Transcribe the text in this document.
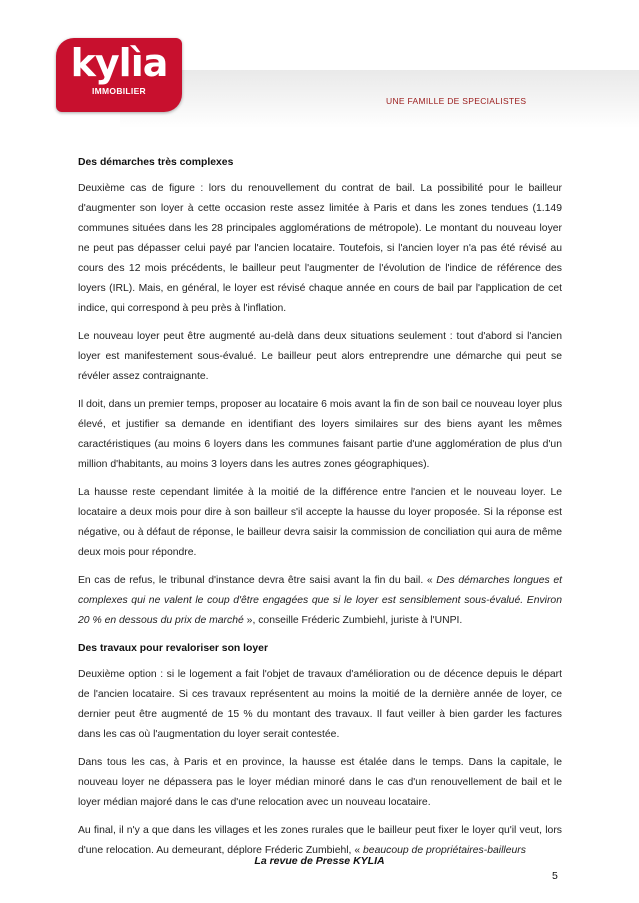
kylìa
IMMOBILIER
UNE FAMILLE DE SPECIALISTES
Des démarches très complexes

Deuxième cas de figure : lors du renouvellement du contrat de bail. La possibilité pour le bailleur d'augmenter son loyer à cette occasion reste assez limitée à Paris et dans les zones tendues (1.149 communes situées dans les 28 principales agglomérations de métropole). Le montant du nouveau loyer ne peut pas dépasser celui payé par l'ancien locataire. Toutefois, si l'ancien loyer n'a pas été révisé au cours des 12 mois précédents, le bailleur peut l'augmenter de l'évolution de l'indice de référence des loyers (IRL). Mais, en général, le loyer est révisé chaque année en cours de bail par l'application de cet indice, qui correspond à peu près à l'inflation.

Le nouveau loyer peut être augmenté au-delà dans deux situations seulement : tout d'abord si l'ancien loyer est manifestement sous-évalué. Le bailleur peut alors entreprendre une démarche qui peut se révéler assez contraignante.

Il doit, dans un premier temps, proposer au locataire 6 mois avant la fin de son bail ce nouveau loyer plus élevé, et justifier sa demande en identifiant des loyers similaires sur des biens ayant les mêmes caractéristiques (au moins 6 loyers dans les communes faisant partie d'une agglomération de plus d'un million d'habitants, au moins 3 loyers dans les autres zones géographiques).

La hausse reste cependant limitée à la moitié de la différence entre l'ancien et le nouveau loyer. Le locataire a deux mois pour dire à son bailleur s'il accepte la hausse du loyer proposée. Si la réponse est négative, ou à défaut de réponse, le bailleur devra saisir la commission de conciliation qui aura de même deux mois pour répondre.

En cas de refus, le tribunal d'instance devra être saisi avant la fin du bail. « Des démarches longues et complexes qui ne valent le coup d'être engagées que si le loyer est sensiblement sous-évalué. Environ 20 % en dessous du prix de marché », conseille Fréderic Zumbiehl, juriste à l'UNPI.

Des travaux pour revaloriser son loyer

Deuxième option : si le logement a fait l'objet de travaux d'amélioration ou de décence depuis le départ de l'ancien locataire. Si ces travaux représentent au moins la moitié de la dernière année de loyer, ce dernier peut être augmenté de 15 % du montant des travaux. Il faut veiller à bien garder les factures dans les cas où l'augmentation du loyer serait contestée.

Dans tous les cas, à Paris et en province, la hausse est étalée dans le temps. Dans la capitale, le nouveau loyer ne dépassera pas le loyer médian minoré dans le cas d'un renouvellement de bail et le loyer médian majoré dans le cas d'une relocation avec un nouveau locataire.

Au final, il n'y a que dans les villages et les zones rurales que le bailleur peut fixer le loyer qu'il veut, lors d'une relocation. Au demeurant, déplore Fréderic Zumbiehl, « beaucoup de propriétaires-bailleurs

La revue de Presse KYLIA
5
